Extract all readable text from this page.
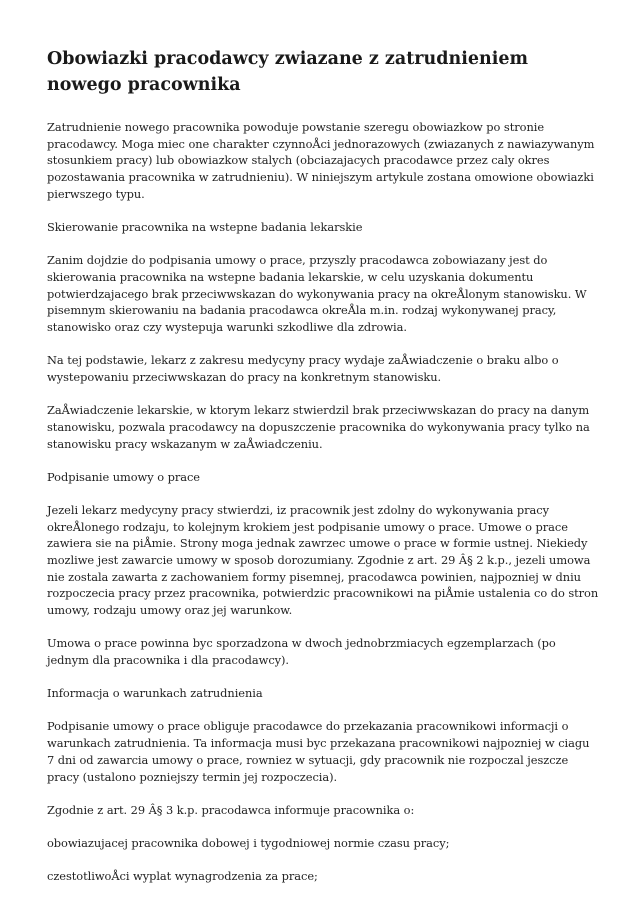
Obowiazki pracodawcy zwiazane z zatrudnieniem nowego pracownika

Zatrudnienie nowego pracownika powoduje powstanie szeregu obowiazkow po stronie pracodawcy. Moga miec one charakter czynnoÅci jednorazowych (zwiazanych z nawiazywanym stosunkiem pracy) lub obowiazkow stalych (obciazajacych pracodawce przez caly okres pozostawania pracownika w zatrudnieniu). W niniejszym artykule zostana omowione obowiazki pierwszego typu.

Skierowanie pracownika na wstepne badania lekarskie

Zanim dojdzie do podpisania umowy o prace, przyszly pracodawca zobowiazany jest do skierowania pracownika na wstepne badania lekarskie, w celu uzyskania dokumentu potwierdzajacego brak przeciwwskazan do wykonywania pracy na okreÅlonym stanowisku. W pisemnym skierowaniu na badania pracodawca okreÅla m.in. rodzaj wykonywanej pracy, stanowisko oraz czy wystepuja warunki szkodliwe dla zdrowia.

Na tej podstawie, lekarz z zakresu medycyny pracy wydaje zaÅwiadczenie o braku albo o wystepowaniu przeciwwskazan do pracy na konkretnym stanowisku.

ZaÅwiadczenie lekarskie, w ktorym lekarz stwierdzil brak przeciwwskazan do pracy na danym stanowisku, pozwala pracodawcy na dopuszczenie pracownika do wykonywania pracy tylko na stanowisku pracy wskazanym w zaÅwiadczeniu.

Podpisanie umowy o prace

Jezeli lekarz medycyny pracy stwierdzi, iz pracownik jest zdolny do wykonywania pracy okreÅlonego rodzaju, to kolejnym krokiem jest podpisanie umowy o prace. Umowe o prace zawiera sie na piÅmie. Strony moga jednak zawrzec umowe o prace w formie ustnej. Niekiedy mozliwe jest zawarcie umowy w sposob dorozumiany. Zgodnie z art. 29 Â§ 2 k.p., jezeli umowa nie zostala zawarta z zachowaniem formy pisemnej, pracodawca powinien, najpozniej w dniu rozpoczecia pracy przez pracownika, potwierdzic pracownikowi na piÅmie ustalenia co do stron umowy, rodzaju umowy oraz jej warunkow.

Umowa o prace powinna byc sporzadzona w dwoch jednobrzmiacych egzemplarzach (po jednym dla pracownika i dla pracodawcy).

Informacja o warunkach zatrudnienia

Podpisanie umowy o prace obliguje pracodawce do przekazania pracownikowi informacji o warunkach zatrudnienia. Ta informacja musi byc przekazana pracownikowi najpozniej w ciagu 7 dni od zawarcia umowy o prace, rowniez w sytuacji, gdy pracownik nie rozpoczal jeszcze pracy (ustalono pozniejszy termin jej rozpoczecia).

Zgodnie z art. 29 Â§ 3 k.p. pracodawca informuje pracownika o:

obowiazujacej pracownika dobowej i tygodniowej normie czasu pracy;

czestotliwoÅci wyplat wynagrodzenia za prace;
